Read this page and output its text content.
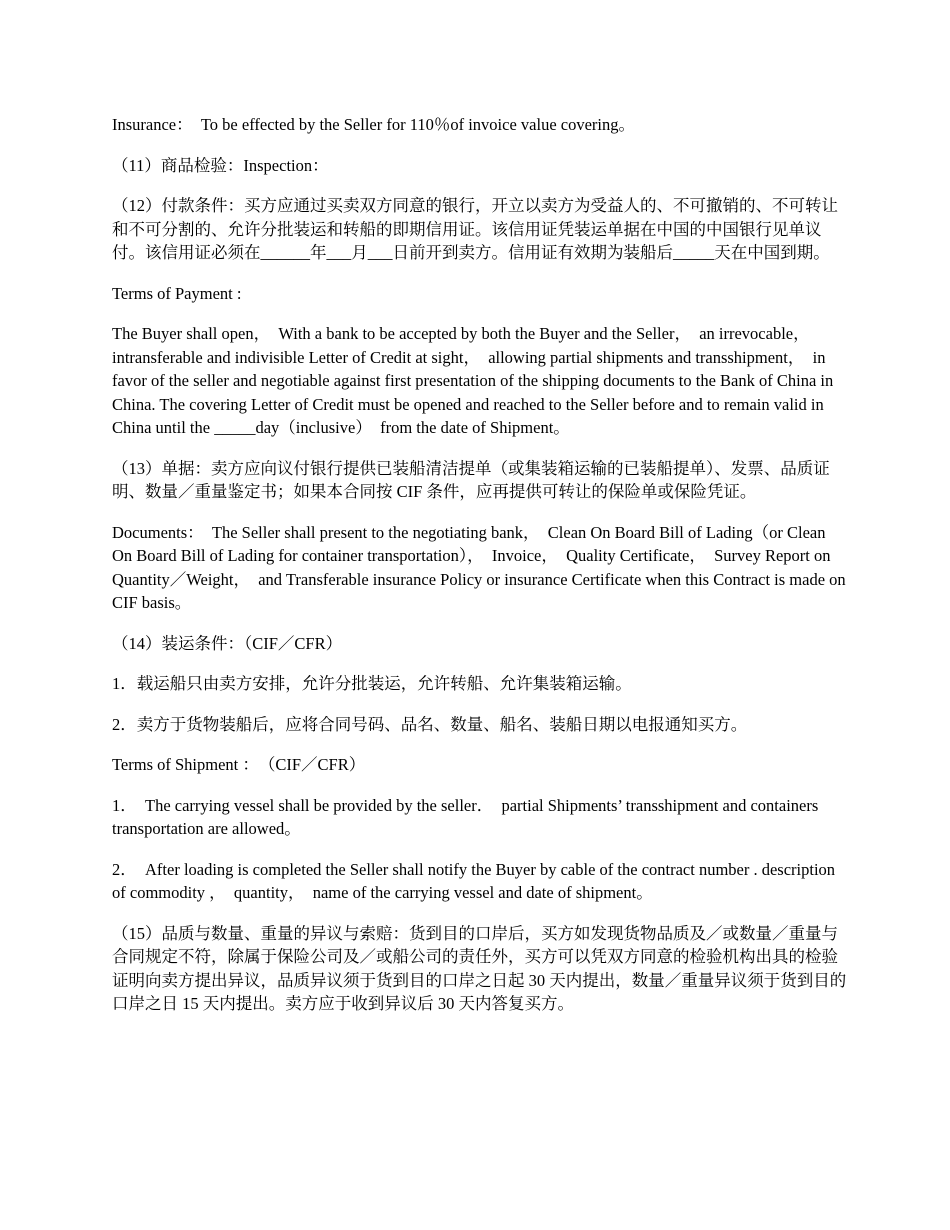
Insurance：　To be effected by the Seller for 110％of invoice value covering。

（11）商品检验：Inspection：

（12）付款条件：买方应通过买卖双方同意的银行，开立以卖方为受益人的、不可撤销的、不可转让和不可分割的、允许分批装运和转船的即期信用证。该信用证凭装运单据在中国的中国银行见单议付。该信用证必须在______年___月___日前开到卖方。信用证有效期为装船后_____天在中国到期。

Terms of Payment :

The Buyer shall open，　With a bank to be accepted by both the Buyer and the Seller，　an irrevocable，intransferable and indivisible Letter of Credit at sight，　allowing partial shipments and transshipment，　in favor of the seller and negotiable against first presentation of the shipping documents to the Bank of China in China. The covering Letter of Credit must be opened and reached to the Seller before and to remain valid in China until the _____day（inclusive）　from the date of Shipment。

（13）单据：卖方应向议付银行提供已装船清洁提单（或集装箱运输的已装船提单）、发票、品质证明、数量／重量鉴定书；如果本合同按 CIF 条件，应再提供可转让的保险单或保险凭证。

Documents：　The Seller shall present to the negotiating bank，　Clean On Board Bill of Lading（or Clean On Board Bill of Lading for container transportation），　Invoice，　Quality Certificate，　Survey Report on Quantity／Weight，　and Transferable insurance Policy or insurance Certificate when this Contract is made on CIF basis。

（14）装运条件：（CIF／CFR）

1．载运船只由卖方安排，允许分批装运，允许转船、允许集装箱运输。

2．卖方于货物装船后，应将合同号码、品名、数量、船名、装船日期以电报通知买方。

Terms of Shipment ：　（CIF／CFR）

1．　The carrying vessel shall be provided by the seller．　partial Shipments’ transshipment and containers transportation are allowed。

2．　After loading is completed the Seller shall notify the Buyer by cable of the contract number . description of commodity ，　quantity，　name of the carrying vessel and date of shipment。

（15）品质与数量、重量的异议与索赔：货到目的口岸后，买方如发现货物品质及／或数量／重量与合同规定不符，除属于保险公司及／或船公司的责任外，买方可以凭双方同意的检验机构出具的检验证明向卖方提出异议，品质异议须于货到目的口岸之日起 30 天内提出，数量／重量异议须于货到目的口岸之日 15 天内提出。卖方应于收到异议后 30 天内答复买方。
